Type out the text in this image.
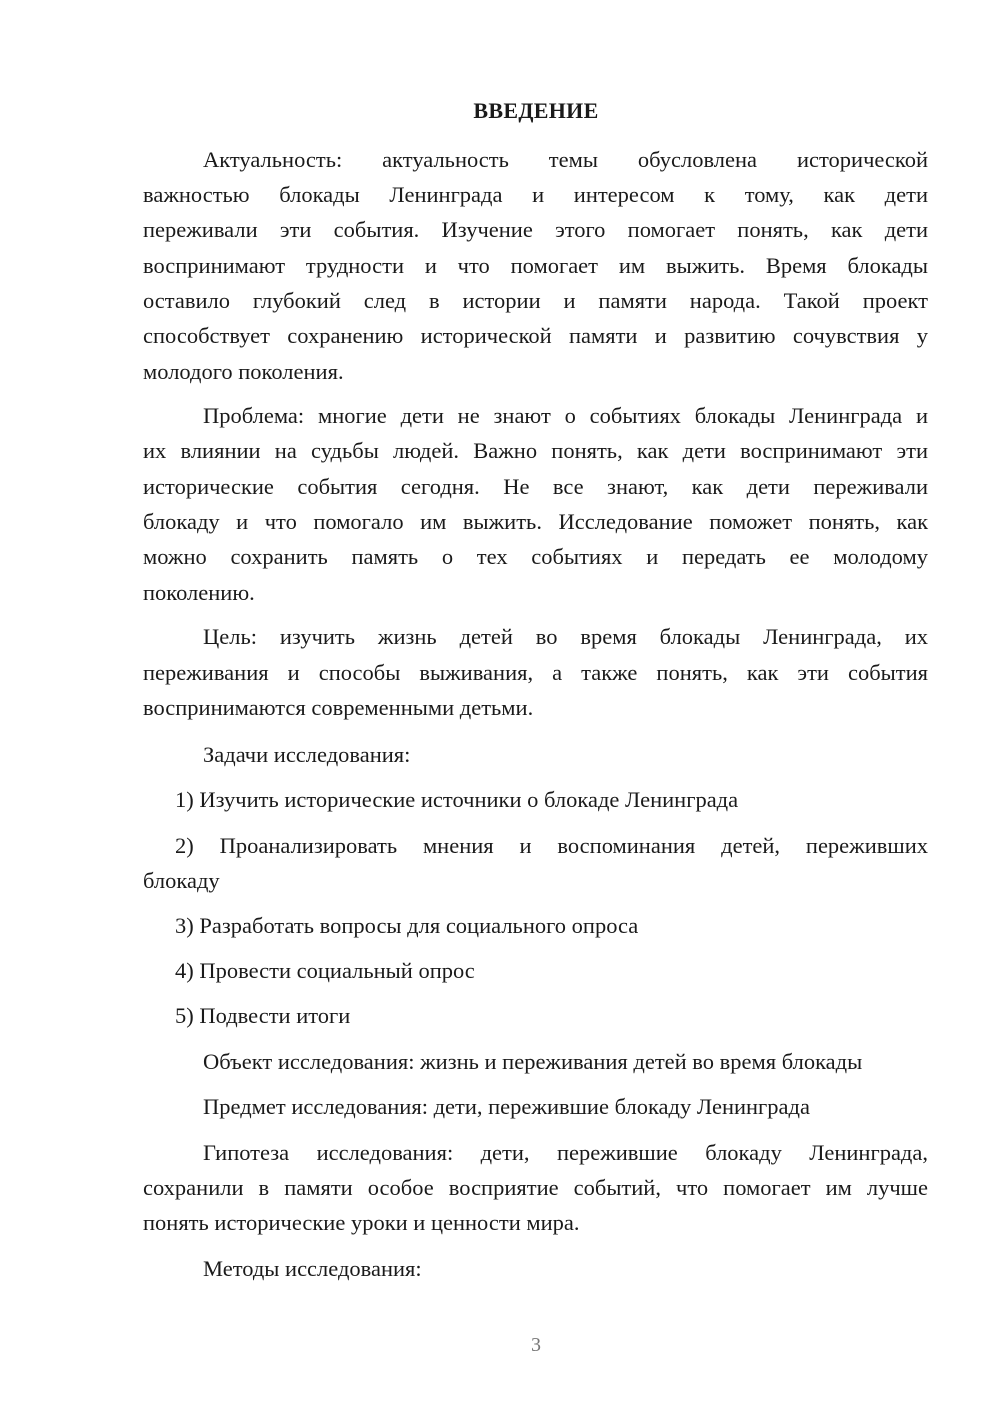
ВВЕДЕНИЕ
Актуальность: актуальность темы обусловлена исторической
важностью блокады Ленинграда и интересом к тому, как дети
переживали эти события. Изучение этого помогает понять, как дети
воспринимают трудности и что помогает им выжить. Время блокады
оставило глубокий след в истории и памяти народа. Такой проект
способствует сохранению исторической памяти и развитию сочувствия у
молодого поколения.
Проблема: многие дети не знают о событиях блокады Ленинграда и
их влиянии на судьбы людей. Важно понять, как дети воспринимают эти
исторические события сегодня. Не все знают, как дети переживали
блокаду и что помогало им выжить. Исследование поможет понять, как
можно сохранить память о тех событиях и передать ее молодому
поколению.
Цель: изучить жизнь детей во время блокады Ленинграда, их
переживания и способы выживания, а также понять, как эти события
воспринимаются современными детьми.
Задачи исследования:
1) Изучить исторические источники о блокаде Ленинграда
2) Проанализировать мнения и воспоминания детей, переживших
блокаду
3) Разработать вопросы для социального опроса
4) Провести социальный опрос
5) Подвести итоги
Объект исследования: жизнь и переживания детей во время блокады
Предмет исследования: дети, пережившие блокаду Ленинграда
Гипотеза исследования: дети, пережившие блокаду Ленинграда,
сохранили в памяти особое восприятие событий, что помогает им лучше
понять исторические уроки и ценности мира.
Методы исследования:
3
